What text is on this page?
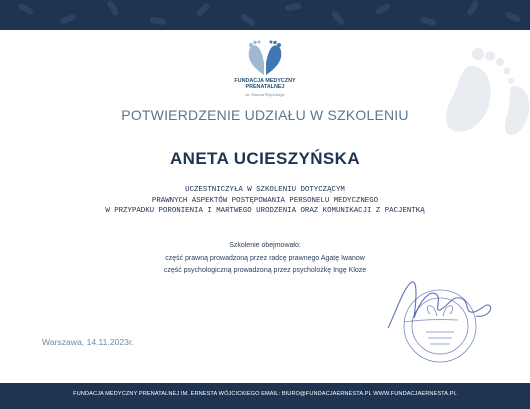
FUNDACJA MEDYCZNY
PRENATALNEJ
im. Ernesta Wójcickiego
POTWIERDZENIE UDZIAŁU W SZKOLENIU
ANETA UCIESZYŃSKA
UCZESTNICZYŁA W SZKOLENIU DOTYCZĄCYM
PRAWNYCH ASPEKTÓW POSTĘPOWANIA PERSONELU MEDYCZNEGO
W PRZYPADKU PORONIENIA I MARTWEGO URODZENIA ORAZ KOMUNIKACJI Z PACJENTKĄ
Szkolenie obejmowało:
część prawną prowadzoną przez radcę prawnego Agatę Iwanow
część psychologiczną prowadzoną przez psycholożkę Ingę Kloze
Warszawa, 14.11.2023r.
FUNDACJA MEDYCZNY PRENATALNEJ IM. ERNESTA WÓJCICKIEGO EMAIL: BIURO@FUNDACJAERNESTA.PL WWW.FUNDACJAERNESTA.PL
